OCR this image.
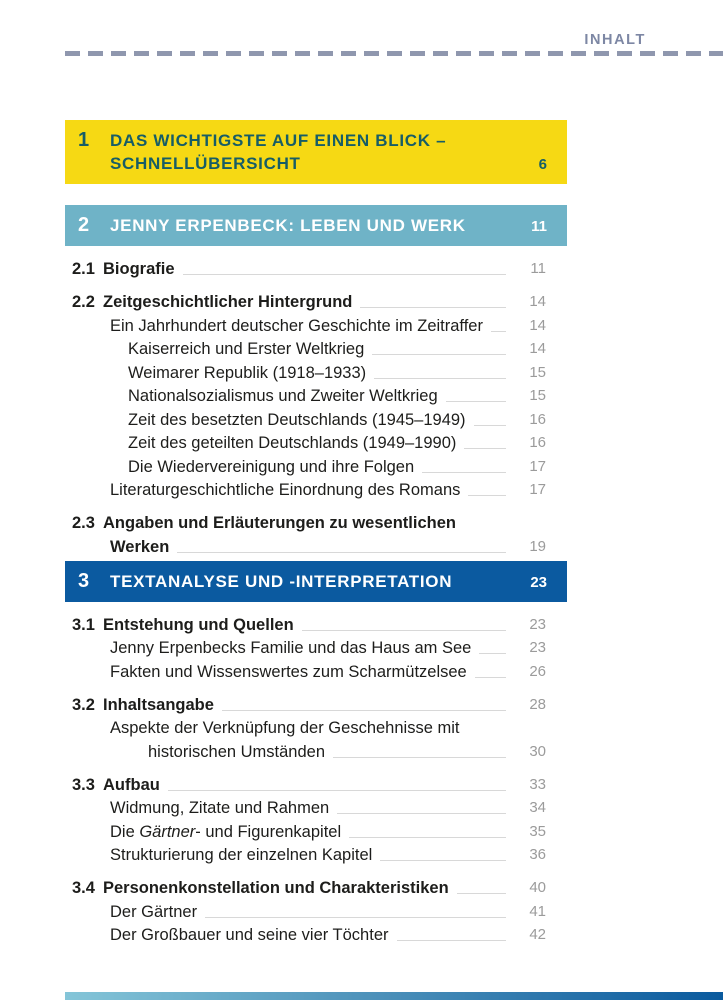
INHALT
1	DAS WICHTIGSTE AUF EINEN BLICK –
SCHNELLÜBERSICHT	6
2	JENNY ERPENBECK: LEBEN UND WERK	11
2.1 Biografie	11
2.2 Zeitgeschichtlicher Hintergrund	14
Ein Jahrhundert deutscher Geschichte im Zeitraffer	14
Kaiserreich und Erster Weltkrieg	14
Weimarer Republik (1918–1933)	15
Nationalsozialismus und Zweiter Weltkrieg	15
Zeit des besetzten Deutschlands (1945–1949)	16
Zeit des geteilten Deutschlands (1949–1990)	16
Die Wiedervereinigung und ihre Folgen	17
Literaturgeschichtliche Einordnung des Romans	17
2.3 Angaben und Erläuterungen zu wesentlichen
Werken	19
3	TEXTANALYSE UND -INTERPRETATION	23
3.1 Entstehung und Quellen	23
Jenny Erpenbecks Familie und das Haus am See	23
Fakten und Wissenswertes zum Scharmützelsee	26
3.2 Inhaltsangabe	28
Aspekte der Verknüpfung der Geschehnisse mit
historischen Umständen	30
3.3 Aufbau	33
Widmung, Zitate und Rahmen	34
Die Gärtner- und Figurenkapitel	35
Strukturierung der einzelnen Kapitel	36
3.4 Personenkonstellation und Charakteristiken	40
Der Gärtner	41
Der Großbauer und seine vier Töchter	42
